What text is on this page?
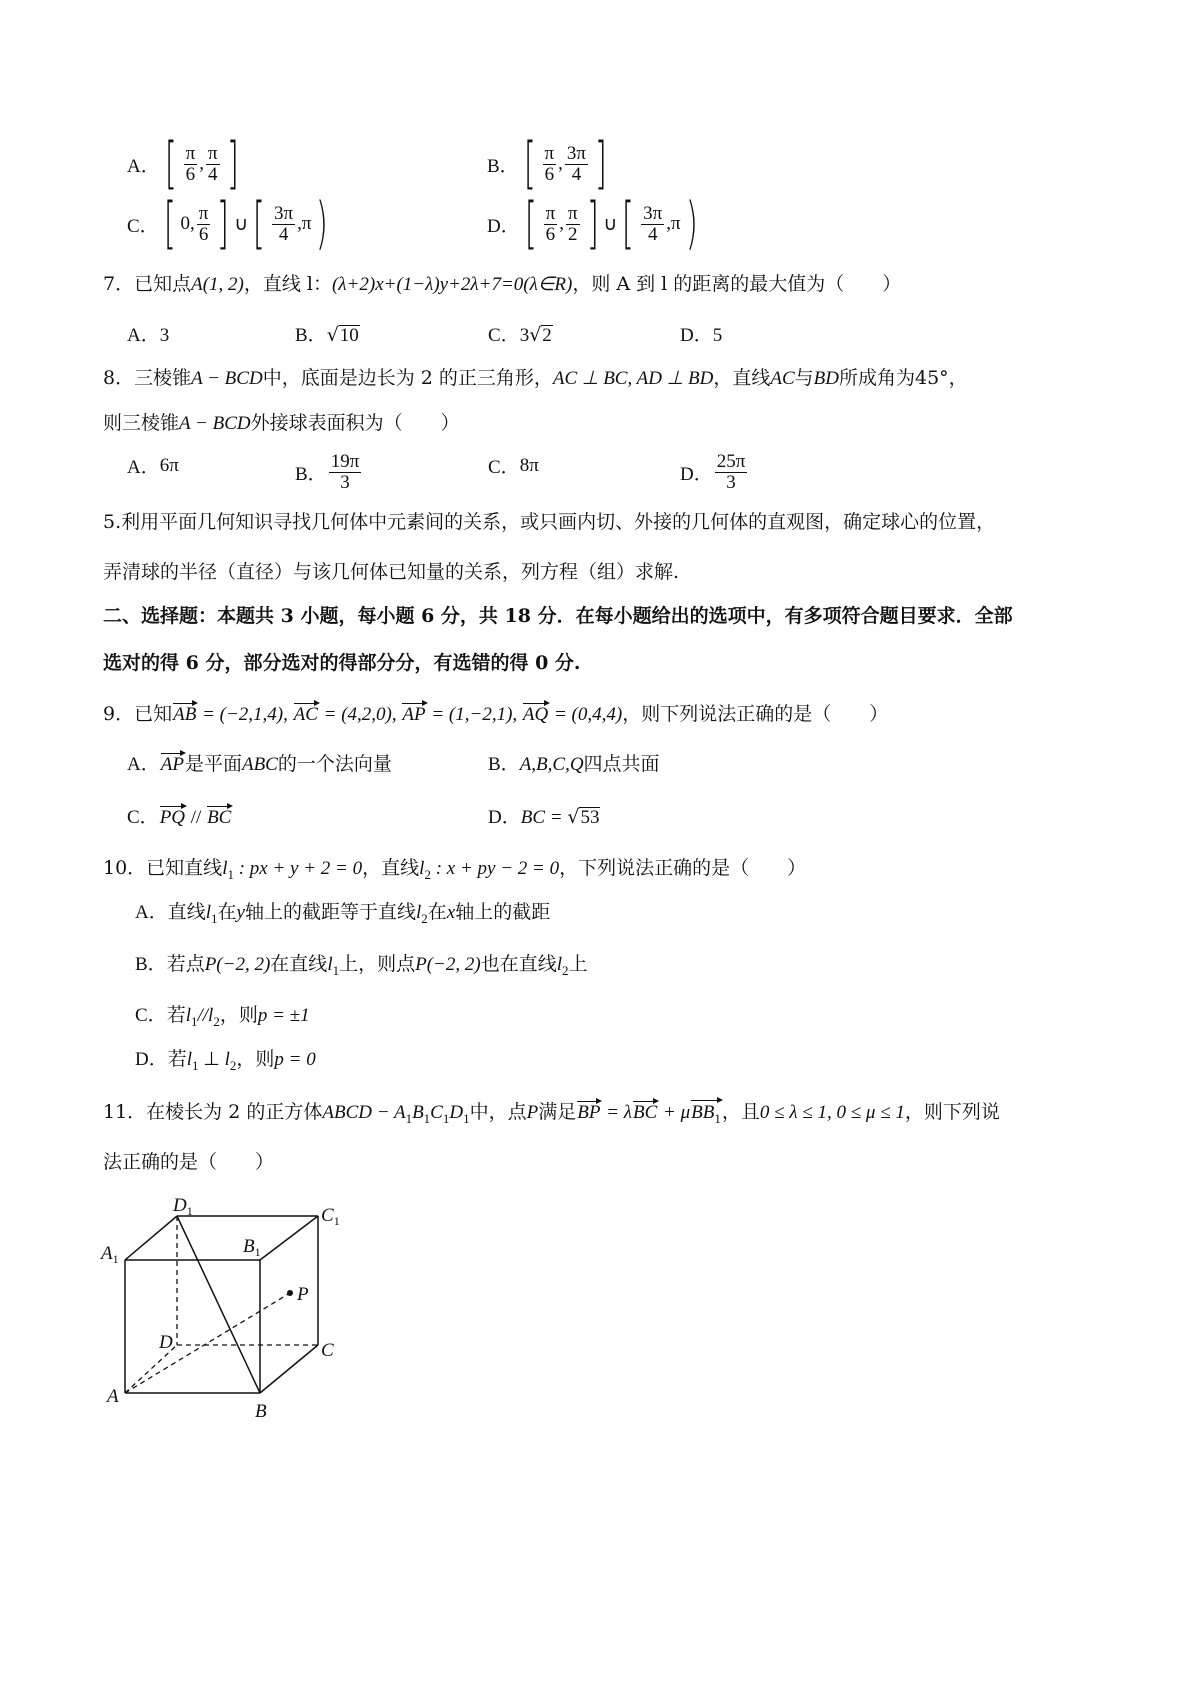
A． [ $\frac{\pi}{6}$ , $\frac{\pi}{4}$ ]	B． [ $\frac{\pi}{6}$ , $\frac{3\pi}{4}$ ]
C． [ 0, $\frac{\pi}{6}$ ] ∪ [ $\frac{3\pi}{4}$ , π )	D． [ $\frac{\pi}{6}$ , $\frac{\pi}{2}$ ] ∪ [ $\frac{3\pi}{4}$ , π )
7．已知点A(1, 2)，直线 l：(λ+2)x+(1−λ)y+2λ+7=0(λ∈R)，则 A 到 l 的距离的最大值为（　　）
A．3	B．√10	C．3√2	D．5
8．三棱锥A − BCD中，底面是边长为 2 的正三角形，AC ⊥ BC, AD ⊥ BD，直线AC与BD所成角为45°，
则三棱锥A − BCD外接球表面积为（　　）
A． 6π	B． $\frac{19\pi}{3}$	C． 8π	D． $\frac{25\pi}{3}$
5.利用平面几何知识寻找几何体中元素间的关系，或只画内切、外接的几何体的直观图，确定球心的位置，
弄清球的半径（直径）与该几何体已知量的关系，列方程（组）求解.
二、选择题：本题共 3 小题，每小题 6 分，共 18 分．在每小题给出的选项中，有多项符合题目要求．全部
选对的得 6 分，部分选对的得部分分，有选错的得 0 分.
9．已知AB = (−2,1,4), AC = (4,2,0), AP = (1,−2,1), AQ = (0,4,4)，则下列说法正确的是（　　）
A．AP是平面ABC的一个法向量	B．A,B,C,Q四点共面
C．PQ // BC	D．BC = √53
10．已知直线$l_1$ : px + y + 2 = 0，直线$l_2$ : x + py − 2 = 0，下列说法正确的是（　　）
A．直线$l_1$在y轴上的截距等于直线$l_2$在x轴上的截距
B．若点P(−2, 2)在直线$l_1$上，则点P(−2, 2)也在直线$l_2$上
C．若$l_1//l_2$，则p = ±1
D．若$l_1$ ⊥ $l_2$，则p = 0
11．在棱长为 2 的正方体ABCD − $A_1B_1C_1D_1$中，点P满足BP = λBC + μBB$_1$，且0 ≤ λ ≤ 1, 0 ≤ μ ≤ 1，则下列说
法正确的是（　　）
$D_1$	$C_1$
$A_1$
$B_1$
P
D	C
A
B
